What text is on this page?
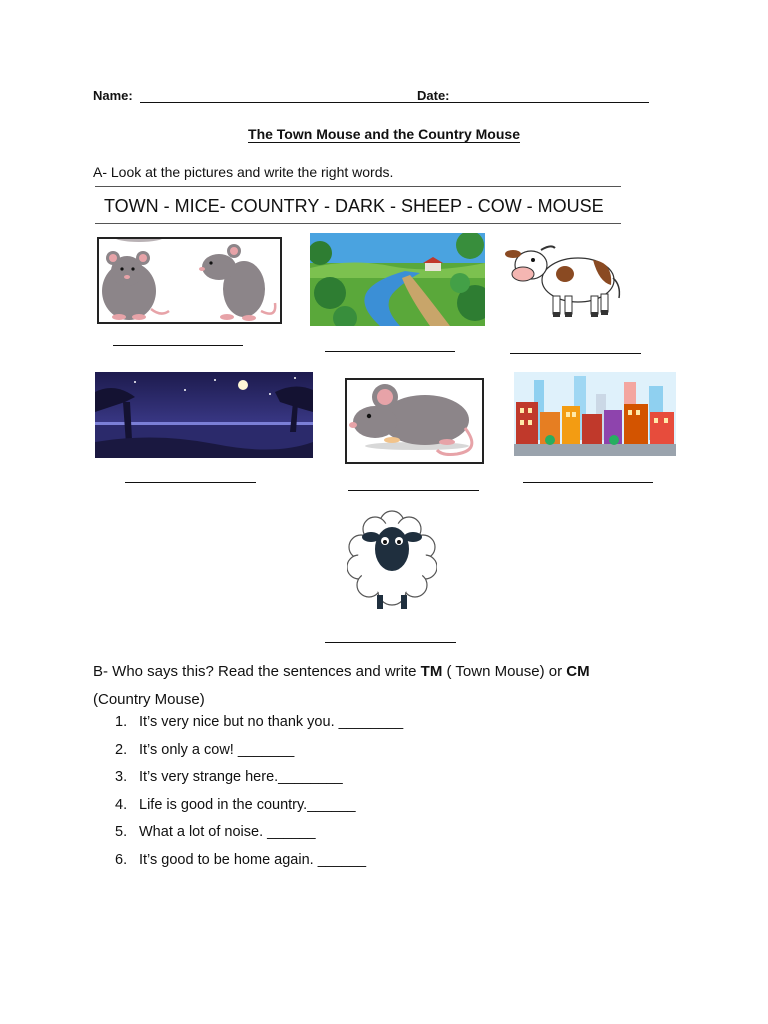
Name:	Date:
The Town Mouse and the Country Mouse
A- Look at the pictures and write the right words.
TOWN - MICE- COUNTRY - DARK - SHEEP - COW - MOUSE
B- Who says this? Read the sentences and write TM ( Town Mouse) or CM
(Country Mouse)
1. It’s very nice but no thank you. ________
2. It’s only a cow! _______
3. It’s very strange here.________
4. Life is good in the country.______
5. What a lot of noise. ______
6. It’s good to be home again. ______
